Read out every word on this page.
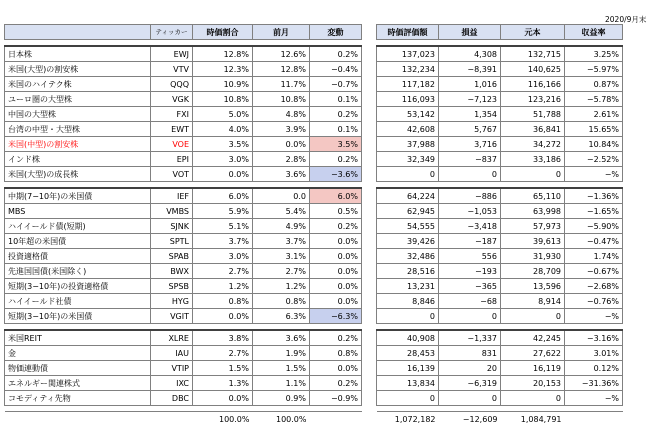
2020/9月末
	ティッカー	時価割合	前月	変動		時価評価額	損益	元本	収益率

日本株	EWJ	12.8%	12.6%	0.2%		137,023	4,308	132,715	3.25%
米国(大型)の割安株	VTV	12.3%	12.8%	−0.4%		132,234	−8,391	140,625	−5.97%
米国のハイテク株	QQQ	10.9%	11.7%	−0.7%		117,182	1,016	116,166	0.87%
ユーロ圏の大型株	VGK	10.8%	10.8%	0.1%		116,093	−7,123	123,216	−5.78%
中国の大型株	FXI	5.0%	4.8%	0.2%		53,142	1,354	51,788	2.61%
台湾の中型・大型株	EWT	4.0%	3.9%	0.1%		42,608	5,767	36,841	15.65%
米国(中型)の割安株	VOE	3.5%	0.0%	3.5%		37,988	3,716	34,272	10.84%
インド株	EPI	3.0%	2.8%	0.2%		32,349	−837	33,186	−2.52%
米国(大型)の成長株	VOT	0.0%	3.6%	−3.6%		0	0	0	−%

中期(7−10年)の米国債	IEF	6.0%	0.0	6.0%		64,224	−886	65,110	−1.36%
MBS	VMBS	5.9%	5.4%	0.5%		62,945	−1,053	63,998	−1.65%
ハイイールド債(短期)	SJNK	5.1%	4.9%	0.2%		54,555	−3,418	57,973	−5.90%
10年超の米国債	SPTL	3.7%	3.7%	0.0%		39,426	−187	39,613	−0.47%
投資適格債	SPAB	3.0%	3.1%	0.0%		32,486	556	31,930	1.74%
先進国国債(米国除く)	BWX	2.7%	2.7%	0.0%		28,516	−193	28,709	−0.67%
短期(3−10年)の投資適格債	SPSB	1.2%	1.2%	0.0%		13,231	−365	13,596	−2.68%
ハイイールド社債	HYG	0.8%	0.8%	0.0%		8,846	−68	8,914	−0.76%
短期(3−10年)の米国債	VGIT	0.0%	6.3%	−6.3%		0	0	0	−%

米国REIT	XLRE	3.8%	3.6%	0.2%		40,908	−1,337	42,245	−3.16%
金	IAU	2.7%	1.9%	0.8%		28,453	831	27,622	3.01%
物価連動債	VTIP	1.5%	1.5%	0.0%		16,139	20	16,119	0.12%
エネルギー関連株式	IXC	1.3%	1.1%	0.2%		13,834	−6,319	20,153	−31.36%
コモディティ先物	DBC	0.0%	0.9%	−0.9%		0	0	0	−%

		100.0%	100.0%			1,072,182	−12,609	1,084,791	
